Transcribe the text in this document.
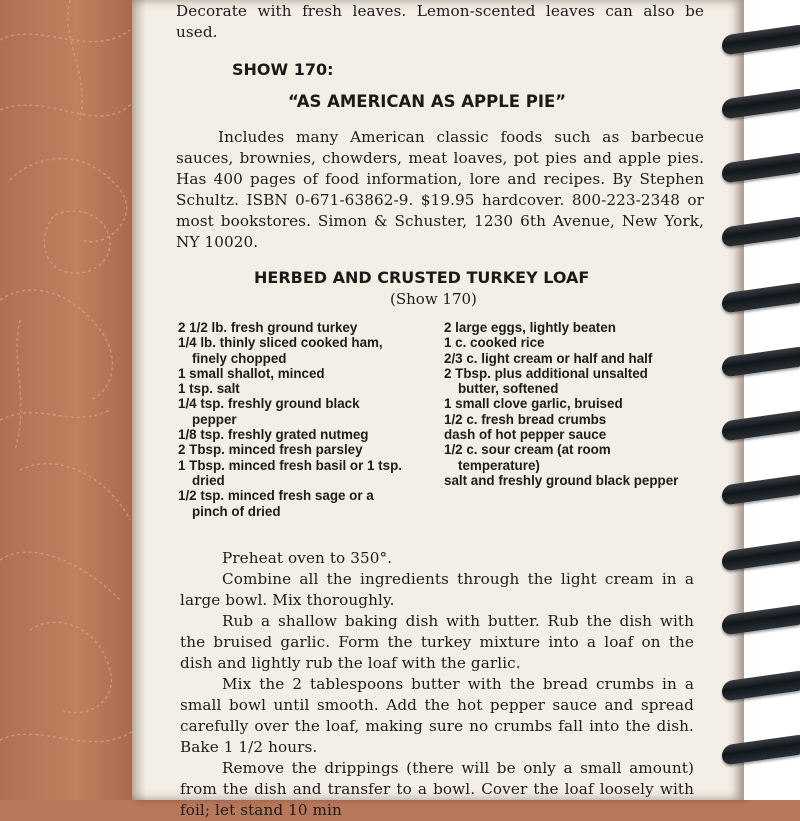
Decorate with fresh leaves. Lemon-scented leaves can also be used.

SHOW 170:
“AS AMERICAN AS APPLE PIE”

Includes many American classic foods such as barbecue sauces, brownies, chowders, meat loaves, pot pies and apple pies. Has 400 pages of food information, lore and recipes. By Stephen Schultz. ISBN 0-671-63862-9. $19.95 hardcover. 800-223-2348 or most bookstores. Simon & Schuster, 1230 6th Avenue, New York, NY 10020.

HERBED AND CRUSTED TURKEY LOAF
(Show 170)
2 1/2 lb. fresh ground turkey
1/4 lb. thinly sliced cooked ham, finely chopped
1 small shallot, minced
1 tsp. salt
1/4 tsp. freshly ground black pepper
1/8 tsp. freshly grated nutmeg
2 Tbsp. minced fresh parsley
1 Tbsp. minced fresh basil or 1 tsp. dried
1/2 tsp. minced fresh sage or a pinch of dried
2 large eggs, lightly beaten
1 c. cooked rice
2/3 c. light cream or half and half
2 Tbsp. plus additional unsalted butter, softened
1 small clove garlic, bruised
1/2 c. fresh bread crumbs
dash of hot pepper sauce
1/2 c. sour cream (at room temperature)
salt and freshly ground black pepper

Preheat oven to 350°.

Combine all the ingredients through the light cream in a large bowl. Mix thoroughly.

Rub a shallow baking dish with butter. Rub the dish with the bruised garlic. Form the turkey mixture into a loaf on the dish and lightly rub the loaf with the garlic.

Mix the 2 tablespoons butter with the bread crumbs in a small bowl until smooth. Add the hot pepper sauce and spread carefully over the loaf, making sure no crumbs fall into the dish. Bake 1 1/2 hours.

Remove the drippings (there will be only a small amount) from the dish and transfer to a bowl. Cover the loaf loosely with foil; let stand 10 min
